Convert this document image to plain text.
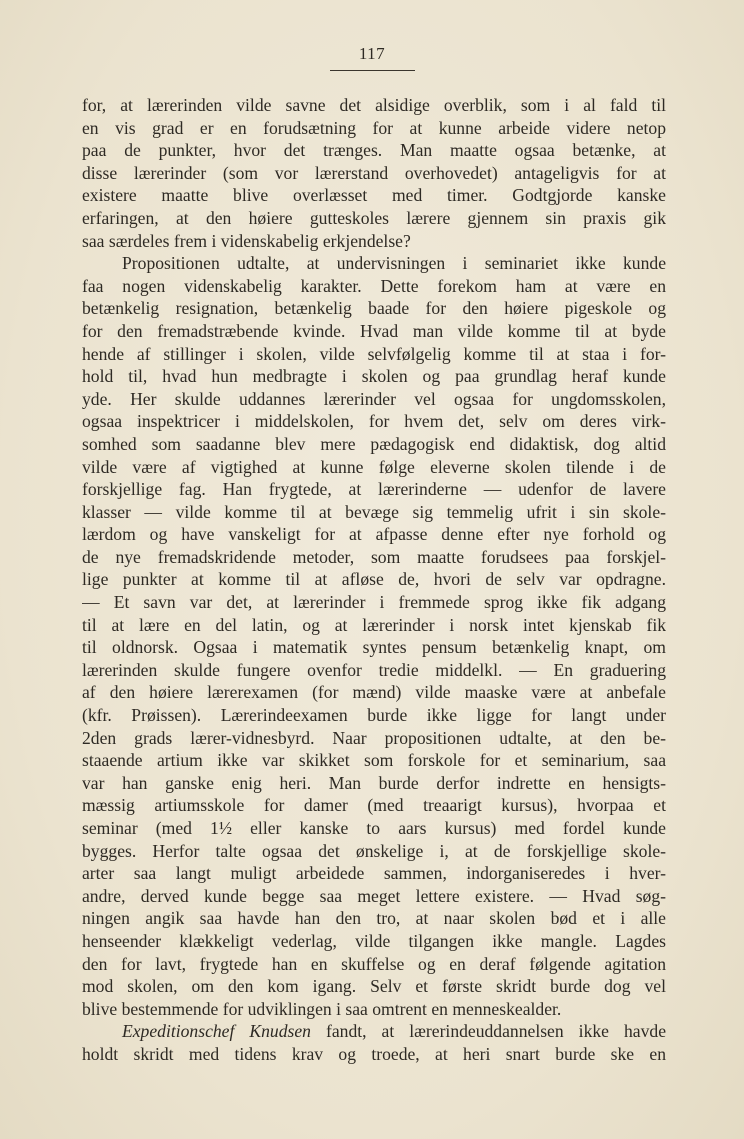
117
for, at lærerinden vilde savne det alsidige overblik, som i al fald til
en vis grad er en forudsætning for at kunne arbeide videre netop
paa de punkter, hvor det trænges. Man maatte ogsaa betænke, at
disse lærerinder (som vor lærerstand overhovedet) antageligvis for at
existere maatte blive overlæsset med timer. Godtgjorde kanske
erfaringen, at den høiere gutteskoles lærere gjennem sin praxis gik
saa særdeles frem i videnskabelig erkjendelse?
Propositionen udtalte, at undervisningen i seminariet ikke kunde
faa nogen videnskabelig karakter. Dette forekom ham at være en
betænkelig resignation, betænkelig baade for den høiere pigeskole og
for den fremadstræbende kvinde. Hvad man vilde komme til at byde
hende af stillinger i skolen, vilde selvfølgelig komme til at staa i for-
hold til, hvad hun medbragte i skolen og paa grundlag heraf kunde
yde. Her skulde uddannes lærerinder vel ogsaa for ungdomsskolen,
ogsaa inspektricer i middelskolen, for hvem det, selv om deres virk-
somhed som saadanne blev mere pædagogisk end didaktisk, dog altid
vilde være af vigtighed at kunne følge eleverne skolen tilende i de
forskjellige fag. Han frygtede, at lærerinderne — udenfor de lavere
klasser — vilde komme til at bevæge sig temmelig ufrit i sin skole-
lærdom og have vanskeligt for at afpasse denne efter nye forhold og
de nye fremadskridende metoder, som maatte forudsees paa forskjel-
lige punkter at komme til at afløse de, hvori de selv var opdragne.
— Et savn var det, at lærerinder i fremmede sprog ikke fik adgang
til at lære en del latin, og at lærerinder i norsk intet kjenskab fik
til oldnorsk. Ogsaa i matematik syntes pensum betænkelig knapt, om
lærerinden skulde fungere ovenfor tredie middelkl. — En graduering
af den høiere lærerexamen (for mænd) vilde maaske være at anbefale
(kfr. Prøissen). Lærerindeexamen burde ikke ligge for langt under
2den grads lærer-vidnesbyrd. Naar propositionen udtalte, at den be-
staaende artium ikke var skikket som forskole for et seminarium, saa
var han ganske enig heri. Man burde derfor indrette en hensigts-
mæssig artiumsskole for damer (med treaarigt kursus), hvorpaa et
seminar (med 1½ eller kanske to aars kursus) med fordel kunde
bygges. Herfor talte ogsaa det ønskelige i, at de forskjellige skole-
arter saa langt muligt arbeidede sammen, indorganiseredes i hver-
andre, derved kunde begge saa meget lettere existere. — Hvad søg-
ningen angik saa havde han den tro, at naar skolen bød et i alle
henseender klækkeligt vederlag, vilde tilgangen ikke mangle. Lagdes
den for lavt, frygtede han en skuffelse og en deraf følgende agitation
mod skolen, om den kom igang. Selv et første skridt burde dog vel
blive bestemmende for udviklingen i saa omtrent en menneskealder.
Expeditionschef Knudsen fandt, at lærerindeuddannelsen ikke havde
holdt skridt med tidens krav og troede, at heri snart burde ske en
